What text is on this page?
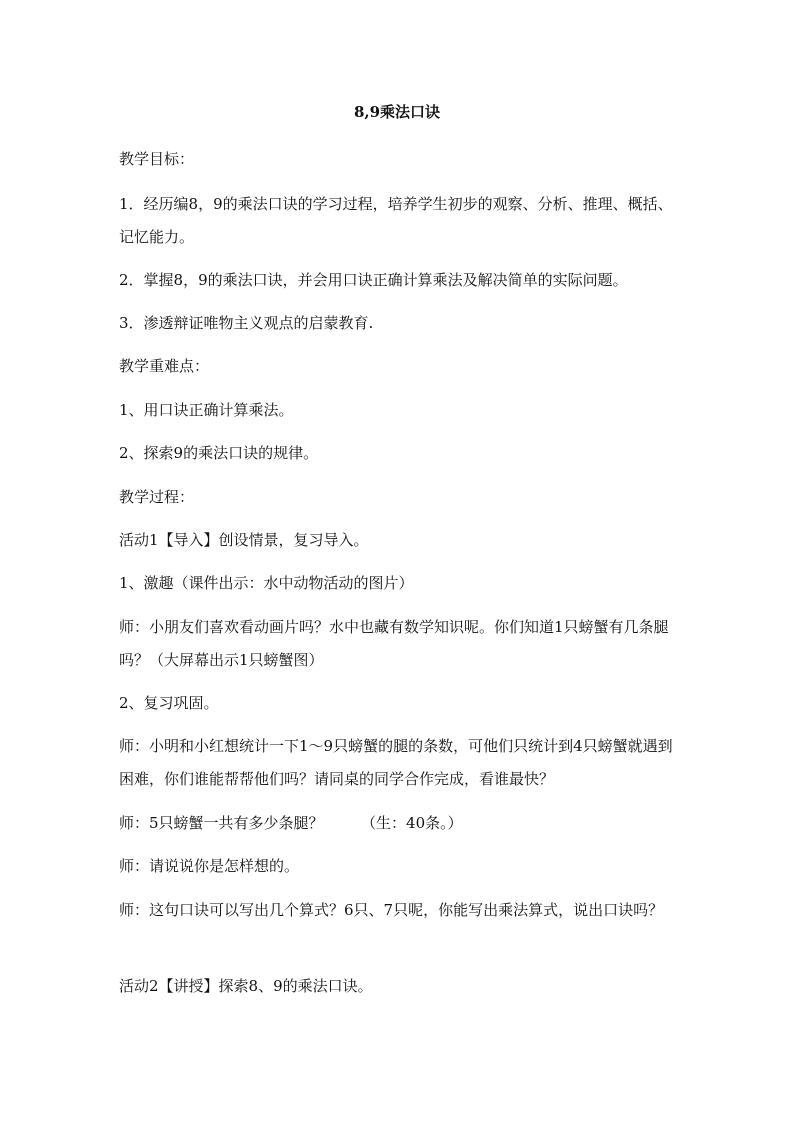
8,9乘法口诀

教学目标：

1．经历编8，9的乘法口诀的学习过程，培养学生初步的观察、分析、推理、概括、记忆能力。

2．掌握8，9的乘法口诀，并会用口诀正确计算乘法及解决简单的实际问题。

3．渗透辩证唯物主义观点的启蒙教育.

教学重难点：

1、用口诀正确计算乘法。

2、探索9的乘法口诀的规律。

教学过程：

活动1【导入】创设情景，复习导入。

1、激趣（课件出示：水中动物活动的图片）

师：小朋友们喜欢看动画片吗？水中也藏有数学知识呢。你们知道1只螃蟹有几条腿吗？（大屏幕出示1只螃蟹图）

2、复习巩固。

师：小明和小红想统计一下1～9只螃蟹的腿的条数，可他们只统计到4只螃蟹就遇到困难，你们谁能帮帮他们吗？请同桌的同学合作完成，看谁最快？

师：5只螃蟹一共有多少条腿？　　　（生：40条。）

师：请说说你是怎样想的。

师：这句口诀可以写出几个算式？6只、7只呢，你能写出乘法算式，说出口诀吗？

活动2【讲授】探索8、9的乘法口诀。
